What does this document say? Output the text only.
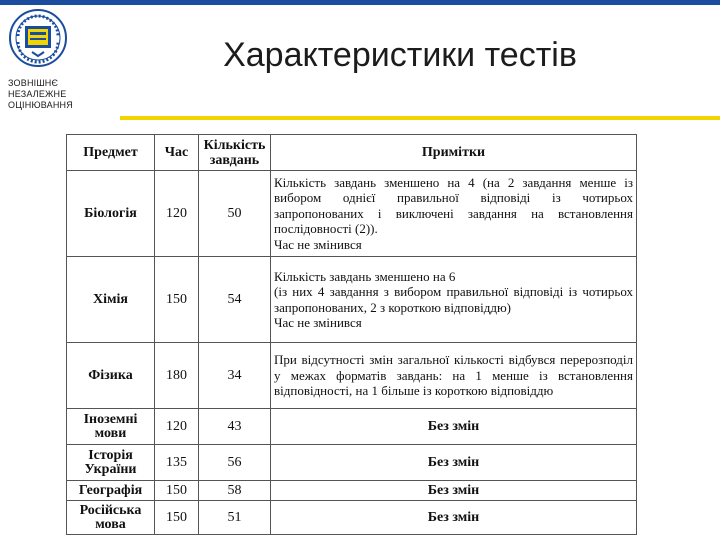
ЗОВНІШНЄ
НЕЗАЛЕЖНЕ
ОЦІНЮВАННЯ
Характеристики тестів
Предмет	Час	Кількість завдань	Примітки
Біологія	120	50	Кількість завдань зменшено на 4 (на 2 завдання менше із вибором однієї правильної відповіді із чотирьох запропонованих і виключені завдання на встановлення послідовності (2)).

Час не змінився

Хімія	150	54	Кількість завдань зменшено на 6

(із них 4 завдання з вибором правильної відповіді із чотирьох запропонованих, 2 з короткою відповіддю)

Час не змінився

Фізика	180	34	При відсутності змін загальної кількості відбувся перерозподіл у межах форматів завдань: на 1 менше із встановлення відповідності, на 1 більше із короткою відповіддю

Іноземні мови	120	43	Без змін
Історія України	135	56	Без змін
Географія	150	58	Без змін
Російська мова	150	51	Без змін
